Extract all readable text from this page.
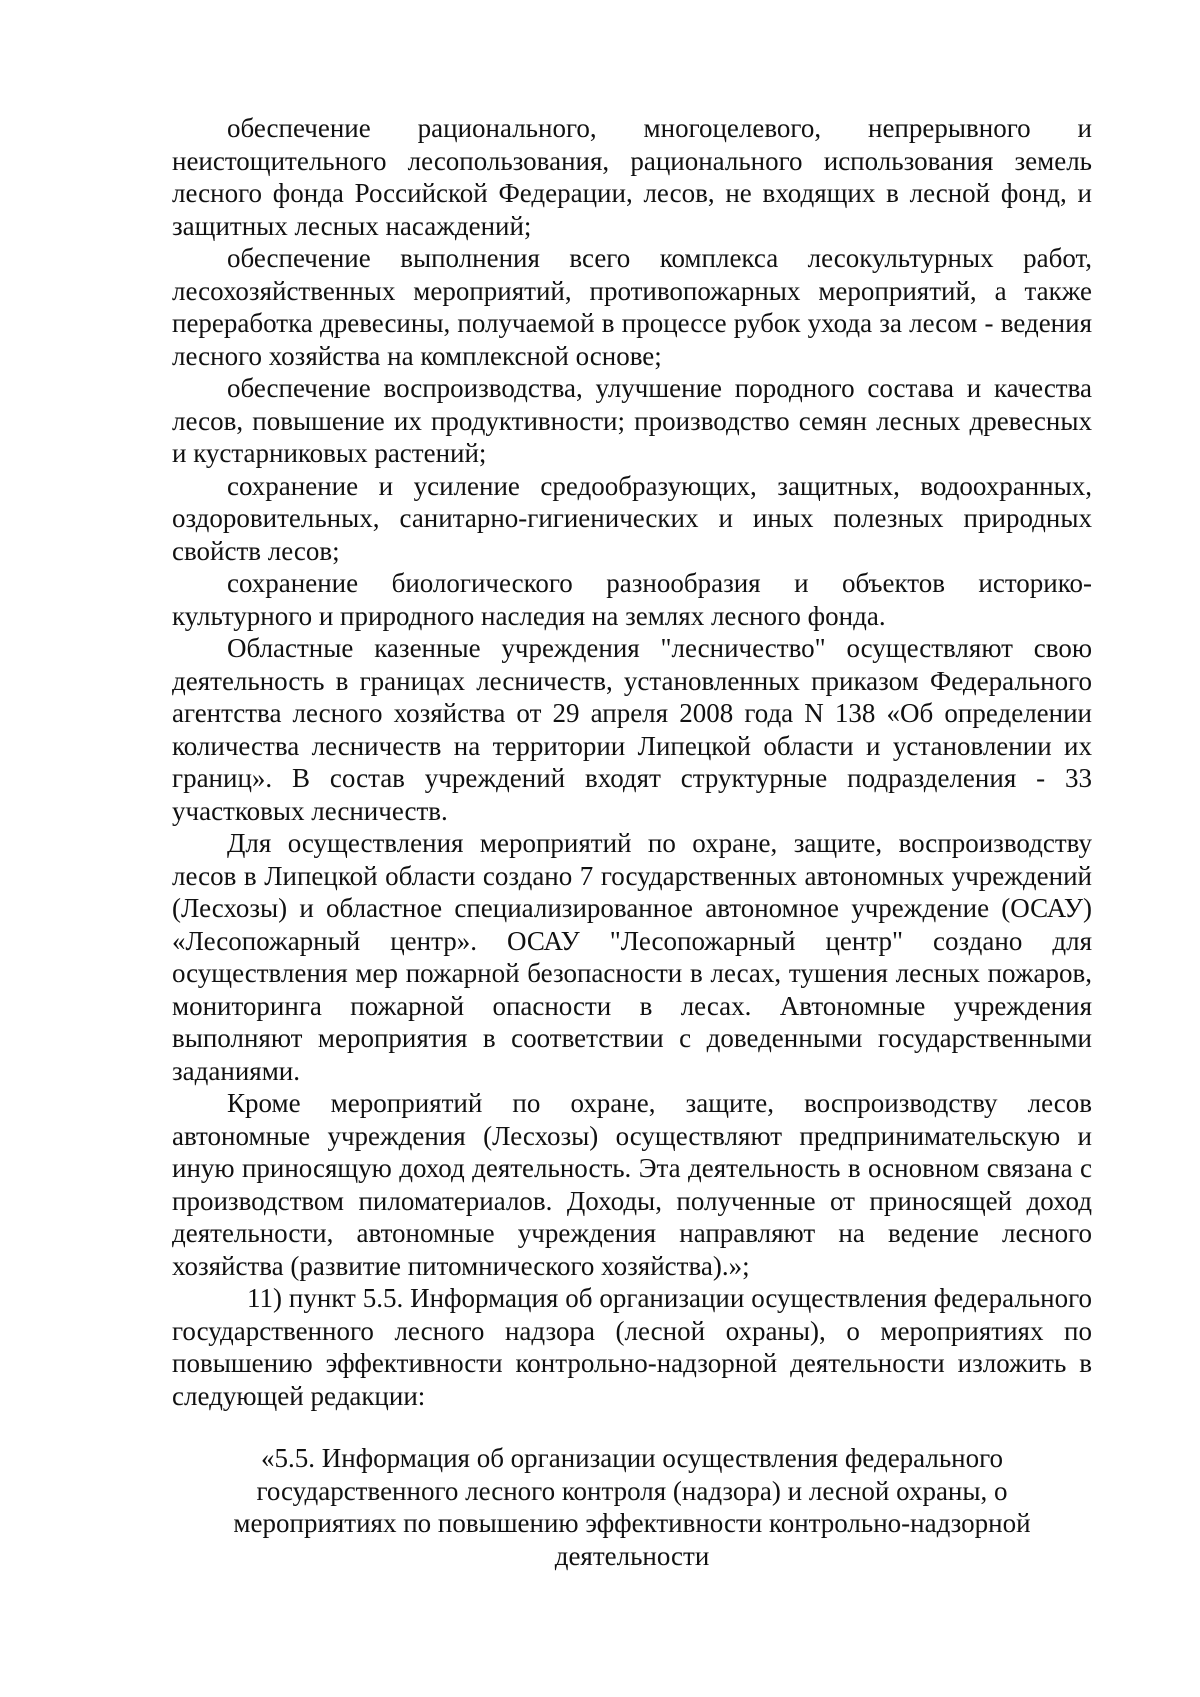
обеспечение рационального, многоцелевого, непрерывного и неистощительного лесопользования, рационального использования земель лесного фонда Российской Федерации, лесов, не входящих в лесной фонд, и защитных лесных насаждений;

обеспечение выполнения всего комплекса лесокультурных работ, лесохозяйственных мероприятий, противопожарных мероприятий, а также переработка древесины, получаемой в процессе рубок ухода за лесом - ведения лесного хозяйства на комплексной основе;

обеспечение воспроизводства, улучшение породного состава и качества лесов, повышение их продуктивности; производство семян лесных древесных и кустарниковых растений;

сохранение и усиление средообразующих, защитных, водоохранных, оздоровительных, санитарно-гигиенических и иных полезных природных свойств лесов;

сохранение биологического разнообразия и объектов историко-культурного и природного наследия на землях лесного фонда.

Областные казенные учреждения "лесничество" осуществляют свою деятельность в границах лесничеств, установленных приказом Федерального агентства лесного хозяйства от 29 апреля 2008 года N 138 «Об определении количества лесничеств на территории Липецкой области и установлении их границ». В состав учреждений входят структурные подразделения - 33 участковых лесничеств.

Для осуществления мероприятий по охране, защите, воспроизводству лесов в Липецкой области создано 7 государственных автономных учреждений (Лесхозы) и областное специализированное автономное учреждение (ОСАУ) «Лесопожарный центр». ОСАУ "Лесопожарный центр" создано для осуществления мер пожарной безопасности в лесах, тушения лесных пожаров, мониторинга пожарной опасности в лесах. Автономные учреждения выполняют мероприятия в соответствии с доведенными государственными заданиями.

Кроме мероприятий по охране, защите, воспроизводству лесов автономные учреждения (Лесхозы) осуществляют предпринимательскую и иную приносящую доход деятельность. Эта деятельность в основном связана с производством пиломатериалов. Доходы, полученные от приносящей доход деятельности, автономные учреждения направляют на ведение лесного хозяйства (развитие питомнического хозяйства).»;

11) пункт 5.5. Информация об организации осуществления федерального государственного лесного надзора (лесной охраны), о мероприятиях по повышению эффективности контрольно-надзорной деятельности изложить в следующей редакции:

«5.5. Информация об организации осуществления федерального государственного лесного контроля (надзора) и лесной охраны, о мероприятиях по повышению эффективности контрольно-надзорной деятельности
